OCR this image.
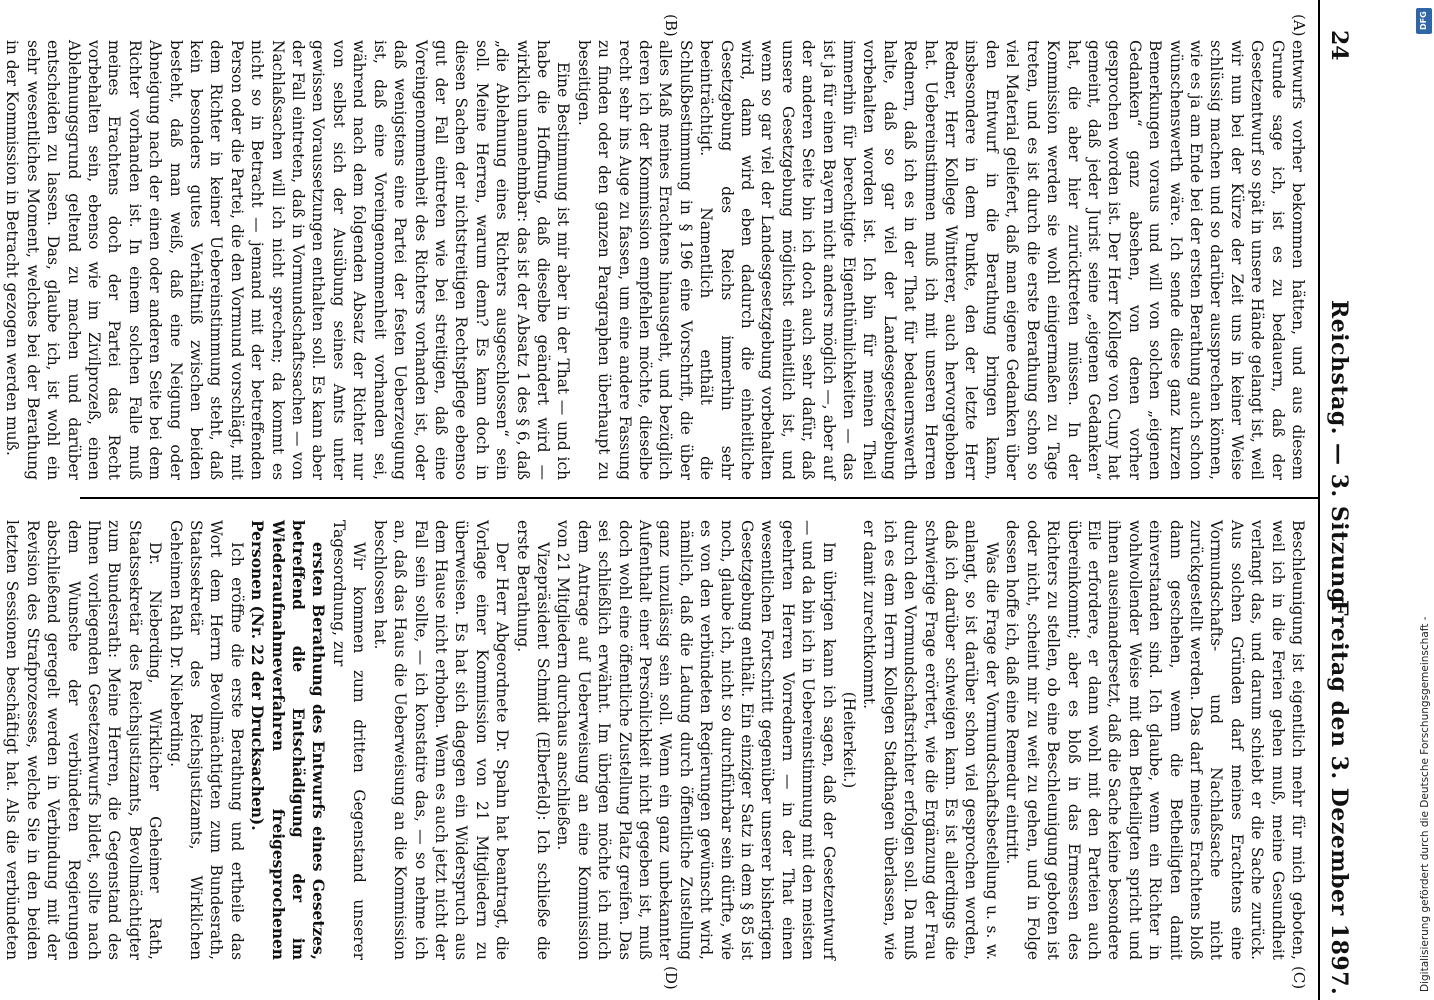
24
Reichstag. — 3. Sitzung.
Freitag den 3. Dezember 1897.
(A)
(B)
(C)
(D)

entwurfs vorher bekommen hätten, und aus diesem Grunde sage ich, ist es zu bedauern, daß der Gesetzentwurf so spät in unsere Hände gelangt ist, weil wir nun bei der Kürze der Zeit uns in keiner Weise schlüssig machen und so darüber aussprechen können, wie es ja am Ende bei der ersten Berathung auch schon wünschenswerth wäre. Ich sende diese ganz kurzen Bemerkungen voraus und will von solchen „eigenen Gedanken“ ganz absehen, von denen vorher gesprochen worden ist. Der Herr Kollege von Cuny hat gemeint, daß jeder Jurist seine „eigenen Gedanken“ hat, die aber hier zurücktreten müssen. In der Kommission werden sie wohl einigermaßen zu Tage treten, und es ist durch die erste Berathung schon so viel Material geliefert, daß man eigene Gedanken über den Entwurf in die Berathung bringen kann, insbesondere in dem Punkte, den der letzte Herr Redner, Herr Kollege Wintterer, auch hervorgehoben hat. Uebereinstimmen muß ich mit unseren Herren Rednern, daß ich es in der That für bedauernswerth halte, daß so gar viel der Landesgesetzgebung vorbehalten worden ist. Ich bin für meinen Theil immerhin für berechtigte Eigenthümlichkeiten — das ist ja für einen Bayern nicht anders möglich —, aber auf der anderen Seite bin ich doch auch sehr dafür, daß unsere Gesetzgebung möglichst einheitlich ist, und wenn so gar viel der Landesgesetzgebung vorbehalten wird, dann wird eben dadurch die einheitliche Gesetzgebung des Reichs immerhin sehr beeinträchtigt. Namentlich enthält die Schlußbestimmung in § 196 eine Vorschrift, die über alles Maß meines Erachtens hinausgeht, und bezüglich deren ich der Kommission empfehlen möchte, dieselbe recht sehr ins Auge zu fassen, um eine andere Fassung zu finden oder den ganzen Paragraphen überhaupt zu beseitigen.

Eine Bestimmung ist mir aber in der That — und ich habe die Hoffnung, daß dieselbe geändert wird — wirklich unannehmbar: das ist der Absatz 1 des § 6, daß „die Ablehnung eines Richters ausgeschlossen“ sein soll. Meine Herren, warum denn? Es kann doch in diesen Sachen der nichtstreitigen Rechtspflege ebenso gut der Fall eintreten wie bei streitigen, daß eine Voreingenommenheit des Richters vorhanden ist, oder daß wenigstens eine Partei der festen Ueberzeugung ist, daß eine Voreingenommenheit vorhanden sei, während nach dem folgenden Absatz der Richter nur von selbst sich der Ausübung seines Amts unter gewissen Voraussetzungen enthalten soll. Es kann aber der Fall eintreten, daß in Vormundschaftssachen — von Nachlaßsachen will ich nicht sprechen; da kommt es nicht so in Betracht — jemand mit der betreffenden Person oder die Partei, die den Vormund vorschlägt, mit dem Richter in keiner Uebereinstimmung steht, daß kein besonders gutes Verhältniß zwischen beiden besteht, daß man weiß, daß eine Neigung oder Abneigung nach der einen oder anderen Seite bei dem Richter vorhanden ist. In einem solchen Falle muß meines Erachtens doch der Partei das Recht vorbehalten sein, ebenso wie im Zivilprozeß, einen Ablehnungsgrund geltend zu machen und darüber entscheiden zu lassen. Das, glaube ich, ist wohl ein sehr wesentliches Moment, welches bei der Berathung in der Kommission in Betracht gezogen werden muß.

Beschleunigung ist eigentlich mehr für mich geboten, weil ich in die Ferien gehen muß, meine Gesundheit verlangt das, und darum schiebt er die Sache zurück. Aus solchen Gründen darf meines Erachtens eine Vormundschafts- und Nachlaßsache nicht zurückgestellt werden. Das darf meines Erachtens bloß dann geschehen, wenn die Betheiligten damit einverstanden sind. Ich glaube, wenn ein Richter in wohlwollender Weise mit den Betheiligten spricht und ihnen auseinandersetzt, daß die Sache keine besondere Eile erfordere, er dann wohl mit den Parteien auch übereinkommt; aber es bloß in das Ermessen des Richters zu stellen, ob eine Beschleunigung geboten ist oder nicht, scheint mir zu weit zu gehen, und in Folge dessen hoffe ich, daß eine Remedur eintritt.

Was die Frage der Vormundschaftsbestellung u. s. w. anlangt, so ist darüber schon viel gesprochen worden, daß ich darüber schweigen kann. Es ist allerdings die schwierige Frage erörtert, wie die Ergänzung der Frau durch den Vormundschaftsrichter erfolgen soll. Da muß ich es dem Herrn Kollegen Stadthagen überlassen, wie er damit zurechtkommt.

(Heiterkeit.)

Im übrigen kann ich sagen, daß der Gesetzentwurf — und da bin ich in Uebereinstimmung mit den meisten geehrten Herren Vorrednern — in der That einen wesentlichen Fortschritt gegenüber unserer bisherigen Gesetzgebung enthält. Ein einziger Satz in dem § 85 ist noch, glaube ich, nicht so durchführbar sein dürfte, wie es von den verbündeten Regierungen gewünscht wird, nämlich, daß die Ladung durch öffentliche Zustellung ganz unzulässig sein soll. Wenn ein ganz unbekannter Aufenthalt einer Persönlichkeit nicht gegeben ist, muß doch wohl eine öffentliche Zustellung Platz greifen. Das sei schließlich erwähnt. Im übrigen möchte ich mich dem Antrage auf Ueberweisung an eine Kommission von 21 Mitgliedern durchaus anschließen.

Vizepräsident Schmidt (Elberfeld): Ich schließe die erste Berathung.

Der Herr Abgeordnete Dr. Spahn hat beantragt, die Vorlage einer Kommission von 21 Mitgliedern zu überweisen. Es hat sich dagegen ein Widerspruch aus dem Hause nicht erhoben. Wenn es auch jetzt nicht der Fall sein sollte, — ich konstatire das, — so nehme ich an, daß das Haus die Ueberweisung an die Kommission beschlossen hat.

Wir kommen zum dritten Gegenstand unserer Tagesordnung, zur

ersten Berathung des Entwurfs eines Gesetzes, betreffend die Entschädigung der im Wiederaufnahmeverfahren freigesprochenen Personen (Nr. 22 der Drucksachen).

Ich eröffne die erste Berathung und ertheile das Wort dem Herrn Bevollmächtigten zum Bundesrath, Staatssekretär des Reichsjustizamts, Wirklichen Geheimen Rath Dr. Nieberding.

Dr. Nieberding, Wirklicher Geheimer Rath, Staatssekretär des Reichsjustizamts, Bevollmächtigter zum Bundesrath: Meine Herren, die Gegenstand des Ihnen vorliegenden Gesetzentwurfs bildet, sollte nach dem Wunsche der verbündeten Regierungen abschließend geregelt werden in Verbindung mit der Revision des Strafprozesses, welche Sie in den beiden letzten Sessionen beschäftigt hat. Als die verbündeten	Digitalisierung gefördert durch die Deutsche Forschungsgemeinschaft -
DFG
